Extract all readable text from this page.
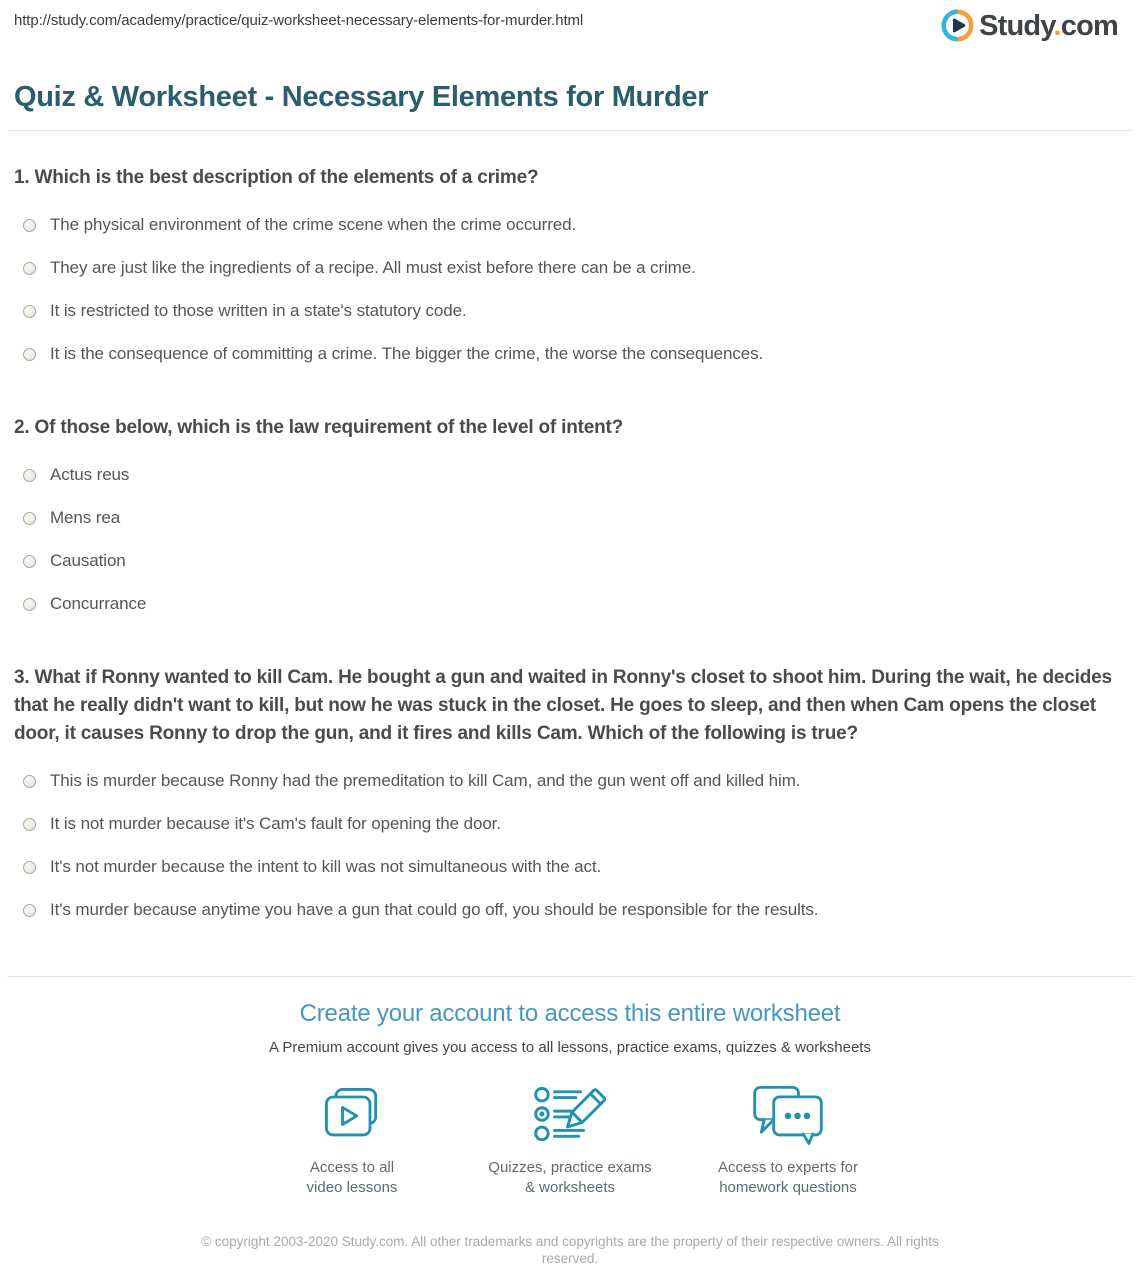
http://study.com/academy/practice/quiz-worksheet-necessary-elements-for-murder.html	Study.com
Quiz & Worksheet - Necessary Elements for Murder
1. Which is the best description of the elements of a crime?
The physical environment of the crime scene when the crime occurred.
They are just like the ingredients of a recipe. All must exist before there can be a crime.
It is restricted to those written in a state's statutory code.
It is the consequence of committing a crime. The bigger the crime, the worse the consequences.
2. Of those below, which is the law requirement of the level of intent?
Actus reus
Mens rea
Causation
Concurrance
3. What if Ronny wanted to kill Cam. He bought a gun and waited in Ronny's closet to shoot him. During the wait, he decides that he really didn't want to kill, but now he was stuck in the closet. He goes to sleep, and then when Cam opens the closet door, it causes Ronny to drop the gun, and it fires and kills Cam. Which of the following is true?
This is murder because Ronny had the premeditation to kill Cam, and the gun went off and killed him.
It is not murder because it's Cam's fault for opening the door.
It's not murder because the intent to kill was not simultaneous with the act.
It's murder because anytime you have a gun that could go off, you should be responsible for the results.
Create your account to access this entire worksheet

A Premium account gives you access to all lessons, practice exams, quizzes & worksheets

Access to all
video lessons
Quizzes, practice exams
& worksheets
Access to experts for
homework questions

© copyright 2003-2020 Study.com. All other trademarks and copyrights are the property of their respective owners. All rights reserved.
